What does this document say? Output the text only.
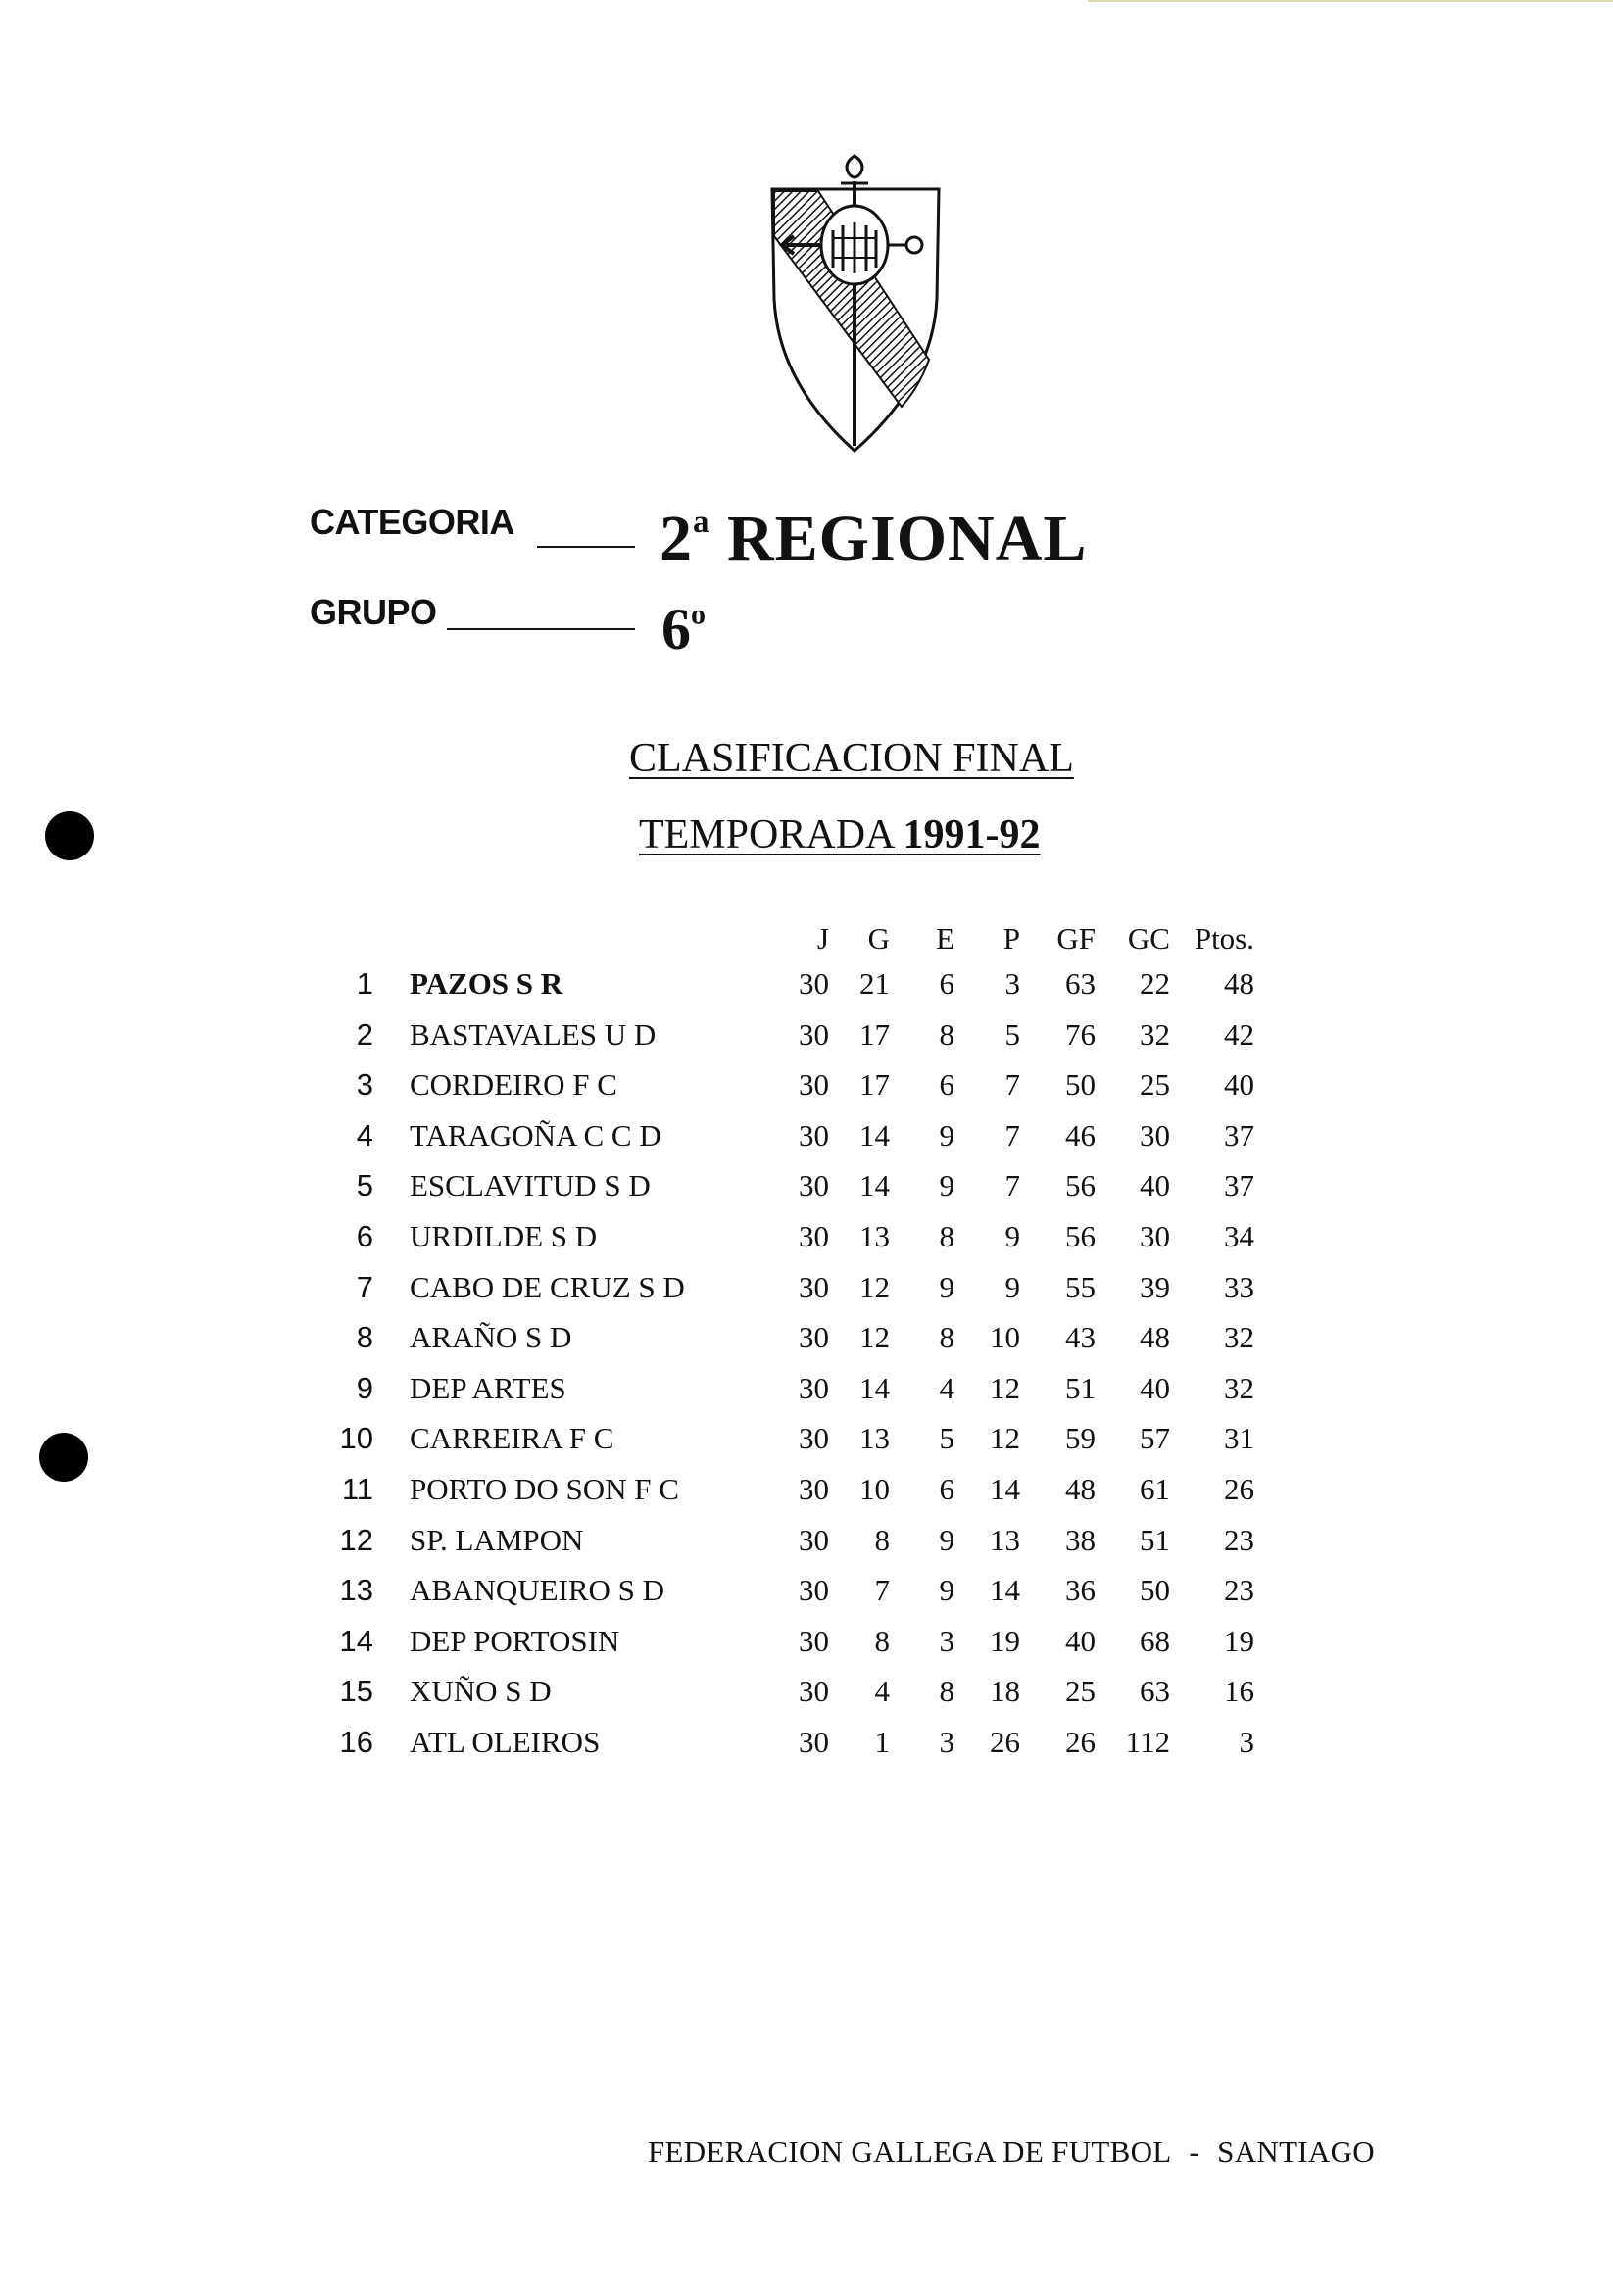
CATEGORIA 2$^a$ REGIONAL
GRUPO	6$^o$
CLASIFICACION FINAL
TEMPORADA 1991-92
J G E P GF GC Ptos.
1 PAZOS S R	30 21 6 3 63 22 48
2 BASTAVALES U D	30 17 8 5 76 32 42
3 CORDEIRO F C	30 17 6 7 50 25 40
4 TARAGOÑA C C D	30 14 9 7 46 30 37
5 ESCLAVITUD S D	30 14 9 7 56 40 37
6 URDILDE S D	30 13 8 9 56 30 34
7 CABO DE CRUZ S D	30 12 9 9 55 39 33
8 ARAÑO S D	30 12 8 10 43 48 32
9 DEP ARTES	30 14 4 12 51 40 32
10 CARREIRA F C	30 13 5 12 59 57 31
11 PORTO DO SON F C	30 10 6 14 48 61 26
12 SP. LAMPON	30 8 9 13 38 51 23
13 ABANQUEIRO S D	30 7 9 14 36 50 23
14 DEP PORTOSIN	30 8 3 19 40 68 19
15 XUÑO S D	30 4 8 18 25 63 16
16 ATL OLEIROS	30 1 3 26 26 112 3
FEDERACION GALLEGA DE FUTBOL - SANTIAGO
